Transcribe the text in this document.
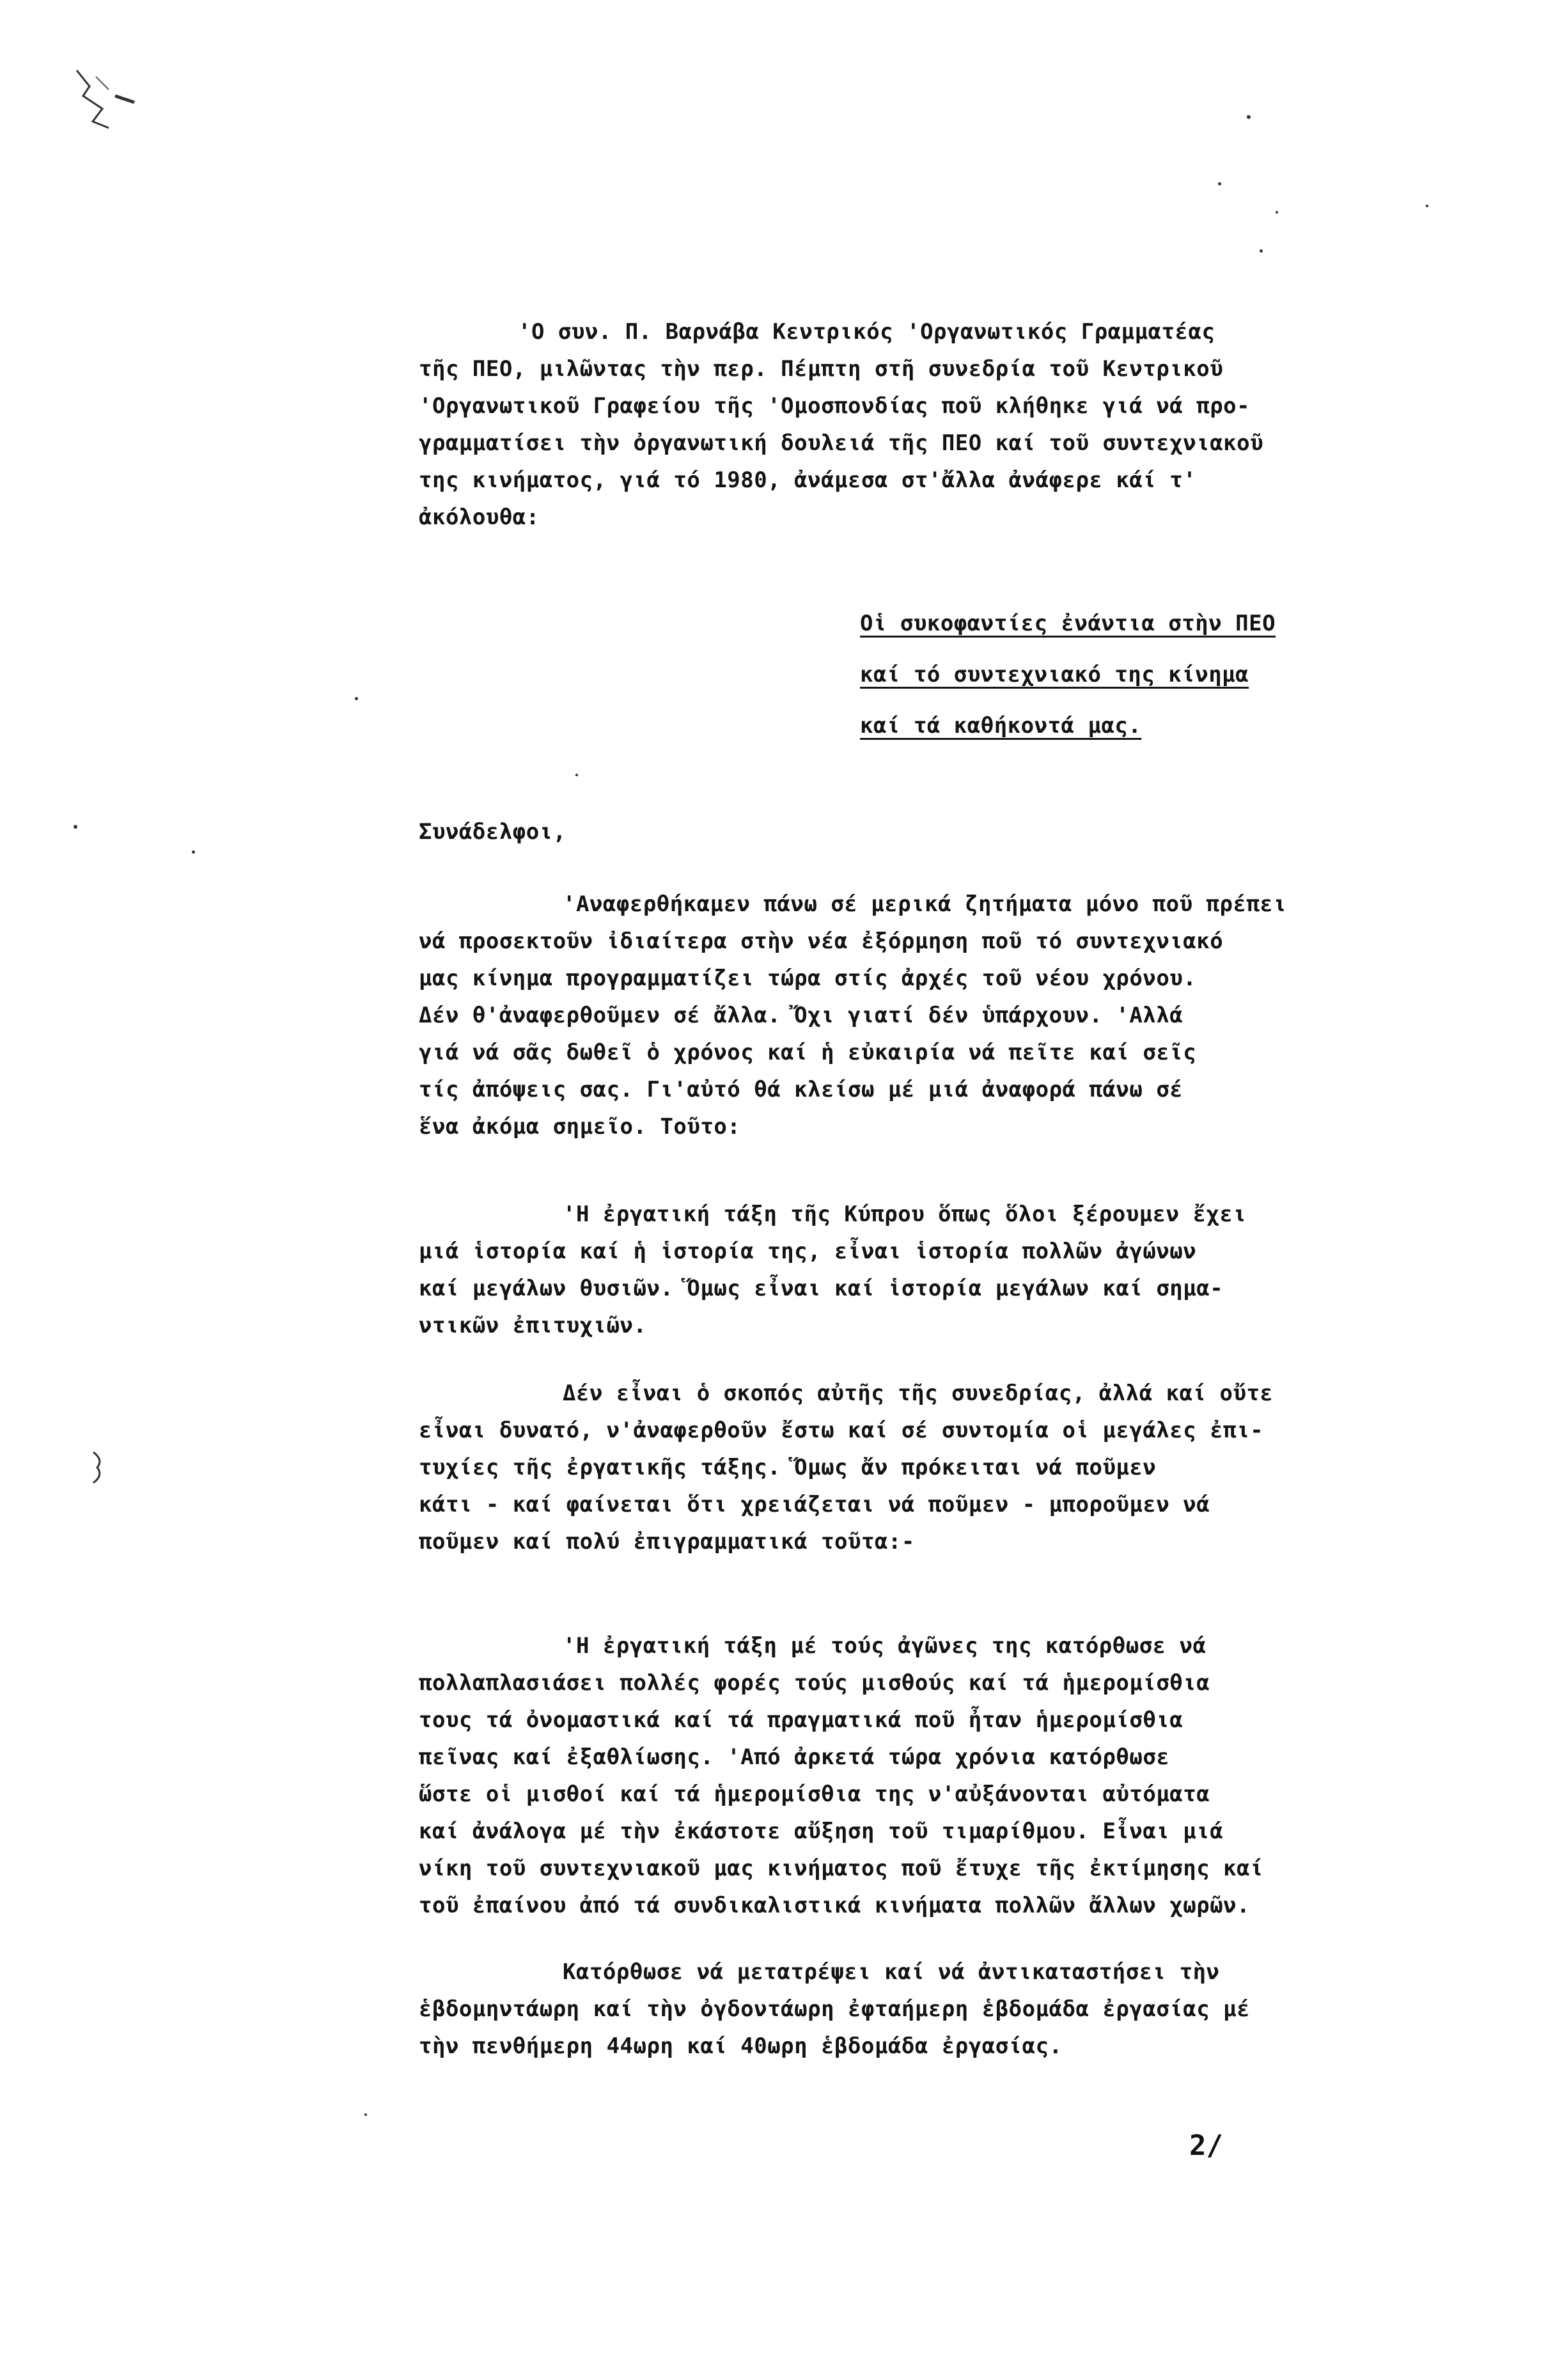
'Ο συν. Π. Βαρνάβα Κεντρικός 'Οργανωτικός Γραμματέας
τῆς ΠΕΟ, μιλῶντας τὴν περ. Πέμπτη στῆ συνεδρία τοῦ Κεντρικοῦ
'Οργανωτικοῦ Γραφείου τῆς 'Ομοσπονδίας ποῦ κλήθηκε γιά νά προ-
γραμματίσει τὴν ὀργανωτική δουλειά τῆς ΠΕΟ καί τοῦ συντεχνιακοῦ
της κινήματος, γιά τό 1980, ἀνάμεσα στ'ἄλλα ἀνάφερε κάί τ'
ἀκόλουθα:
Οἱ συκοφαντίες ἐνάντια στὴν ΠΕΟ
καί τό συντεχνιακό της κίνημα
καί τά καθήκοντά μας.
Συνάδελφοι,
'Αναφερθήκαμεν πάνω σέ μερικά ζητήματα μόνο ποῦ πρέπει
νά προσεκτοῦν ἰδιαίτερα στὴν νέα ἐξόρμηση ποῦ τό συντεχνιακό
μας κίνημα προγραμματίζει τώρα στίς ἀρχές τοῦ νέου χρόνου.
Δέν θ'ἀναφερθοῦμεν σέ ἄλλα. Ὄχι γιατί δέν ὑπάρχουν. 'Αλλά
γιά νά σᾶς δωθεῖ ὁ χρόνος καί ἡ εὐκαιρία νά πεῖτε καί σεῖς
τίς ἀπόψεις σας. Γι'αὐτό θά κλείσω μέ μιά ἀναφορά πάνω σέ
ἕνα ἀκόμα σημεῖο. Τοῦτο:
'Η ἐργατική τάξη τῆς Κύπρου ὅπως ὅλοι ξέρουμεν ἔχει
μιά ἱστορία καί ἡ ἱστορία της, εἶναι ἱστορία πολλῶν ἀγώνων
καί μεγάλων θυσιῶν. Ὅμως εἶναι καί ἱστορία μεγάλων καί σημα-
ντικῶν ἐπιτυχιῶν.
Δέν εἶναι ὁ σκοπός αὐτῆς τῆς συνεδρίας, ἀλλά καί οὔτε
εἶναι δυνατό, ν'ἀναφερθοῦν ἔστω καί σέ συντομία οἱ μεγάλες ἐπι-
τυχίες τῆς ἐργατικῆς τάξης. Ὅμως ἄν πρόκειται νά ποῦμεν
κάτι - καί φαίνεται ὅτι χρειάζεται νά ποῦμεν - μποροῦμεν νά
ποῦμεν καί πολύ ἐπιγραμματικά τοῦτα:-
'Η ἐργατική τάξη μέ τούς ἀγῶνες της κατόρθωσε νά
πολλαπλασιάσει πολλές φορές τούς μισθούς καί τά ἡμερομίσθια
τους τά ὀνομαστικά καί τά πραγματικά ποῦ ἦταν ἡμερομίσθια
πεῖνας καί ἐξαθλίωσης. 'Από ἀρκετά τώρα χρόνια κατόρθωσε
ὥστε οἱ μισθοί καί τά ἡμερομίσθια της ν'αὐξάνονται αὐτόματα
καί ἀνάλογα μέ τὴν ἐκάστοτε αὔξηση τοῦ τιμαρίθμου. Εἶναι μιά
νίκη τοῦ συντεχνιακοῦ μας κινήματος ποῦ ἔτυχε τῆς ἐκτίμησης καί
τοῦ ἐπαίνου ἀπό τά συνδικαλιστικά κινήματα πολλῶν ἄλλων χωρῶν.
Κατόρθωσε νά μετατρέψει καί νά ἀντικαταστήσει τὴν
ἑβδομηντάωρη καί τὴν ὀγδοντάωρη ἐφταήμερη ἑβδομάδα ἐργασίας μέ
τὴν πενθήμερη 44ωρη καί 40ωρη ἑβδομάδα ἐργασίας.
2/
